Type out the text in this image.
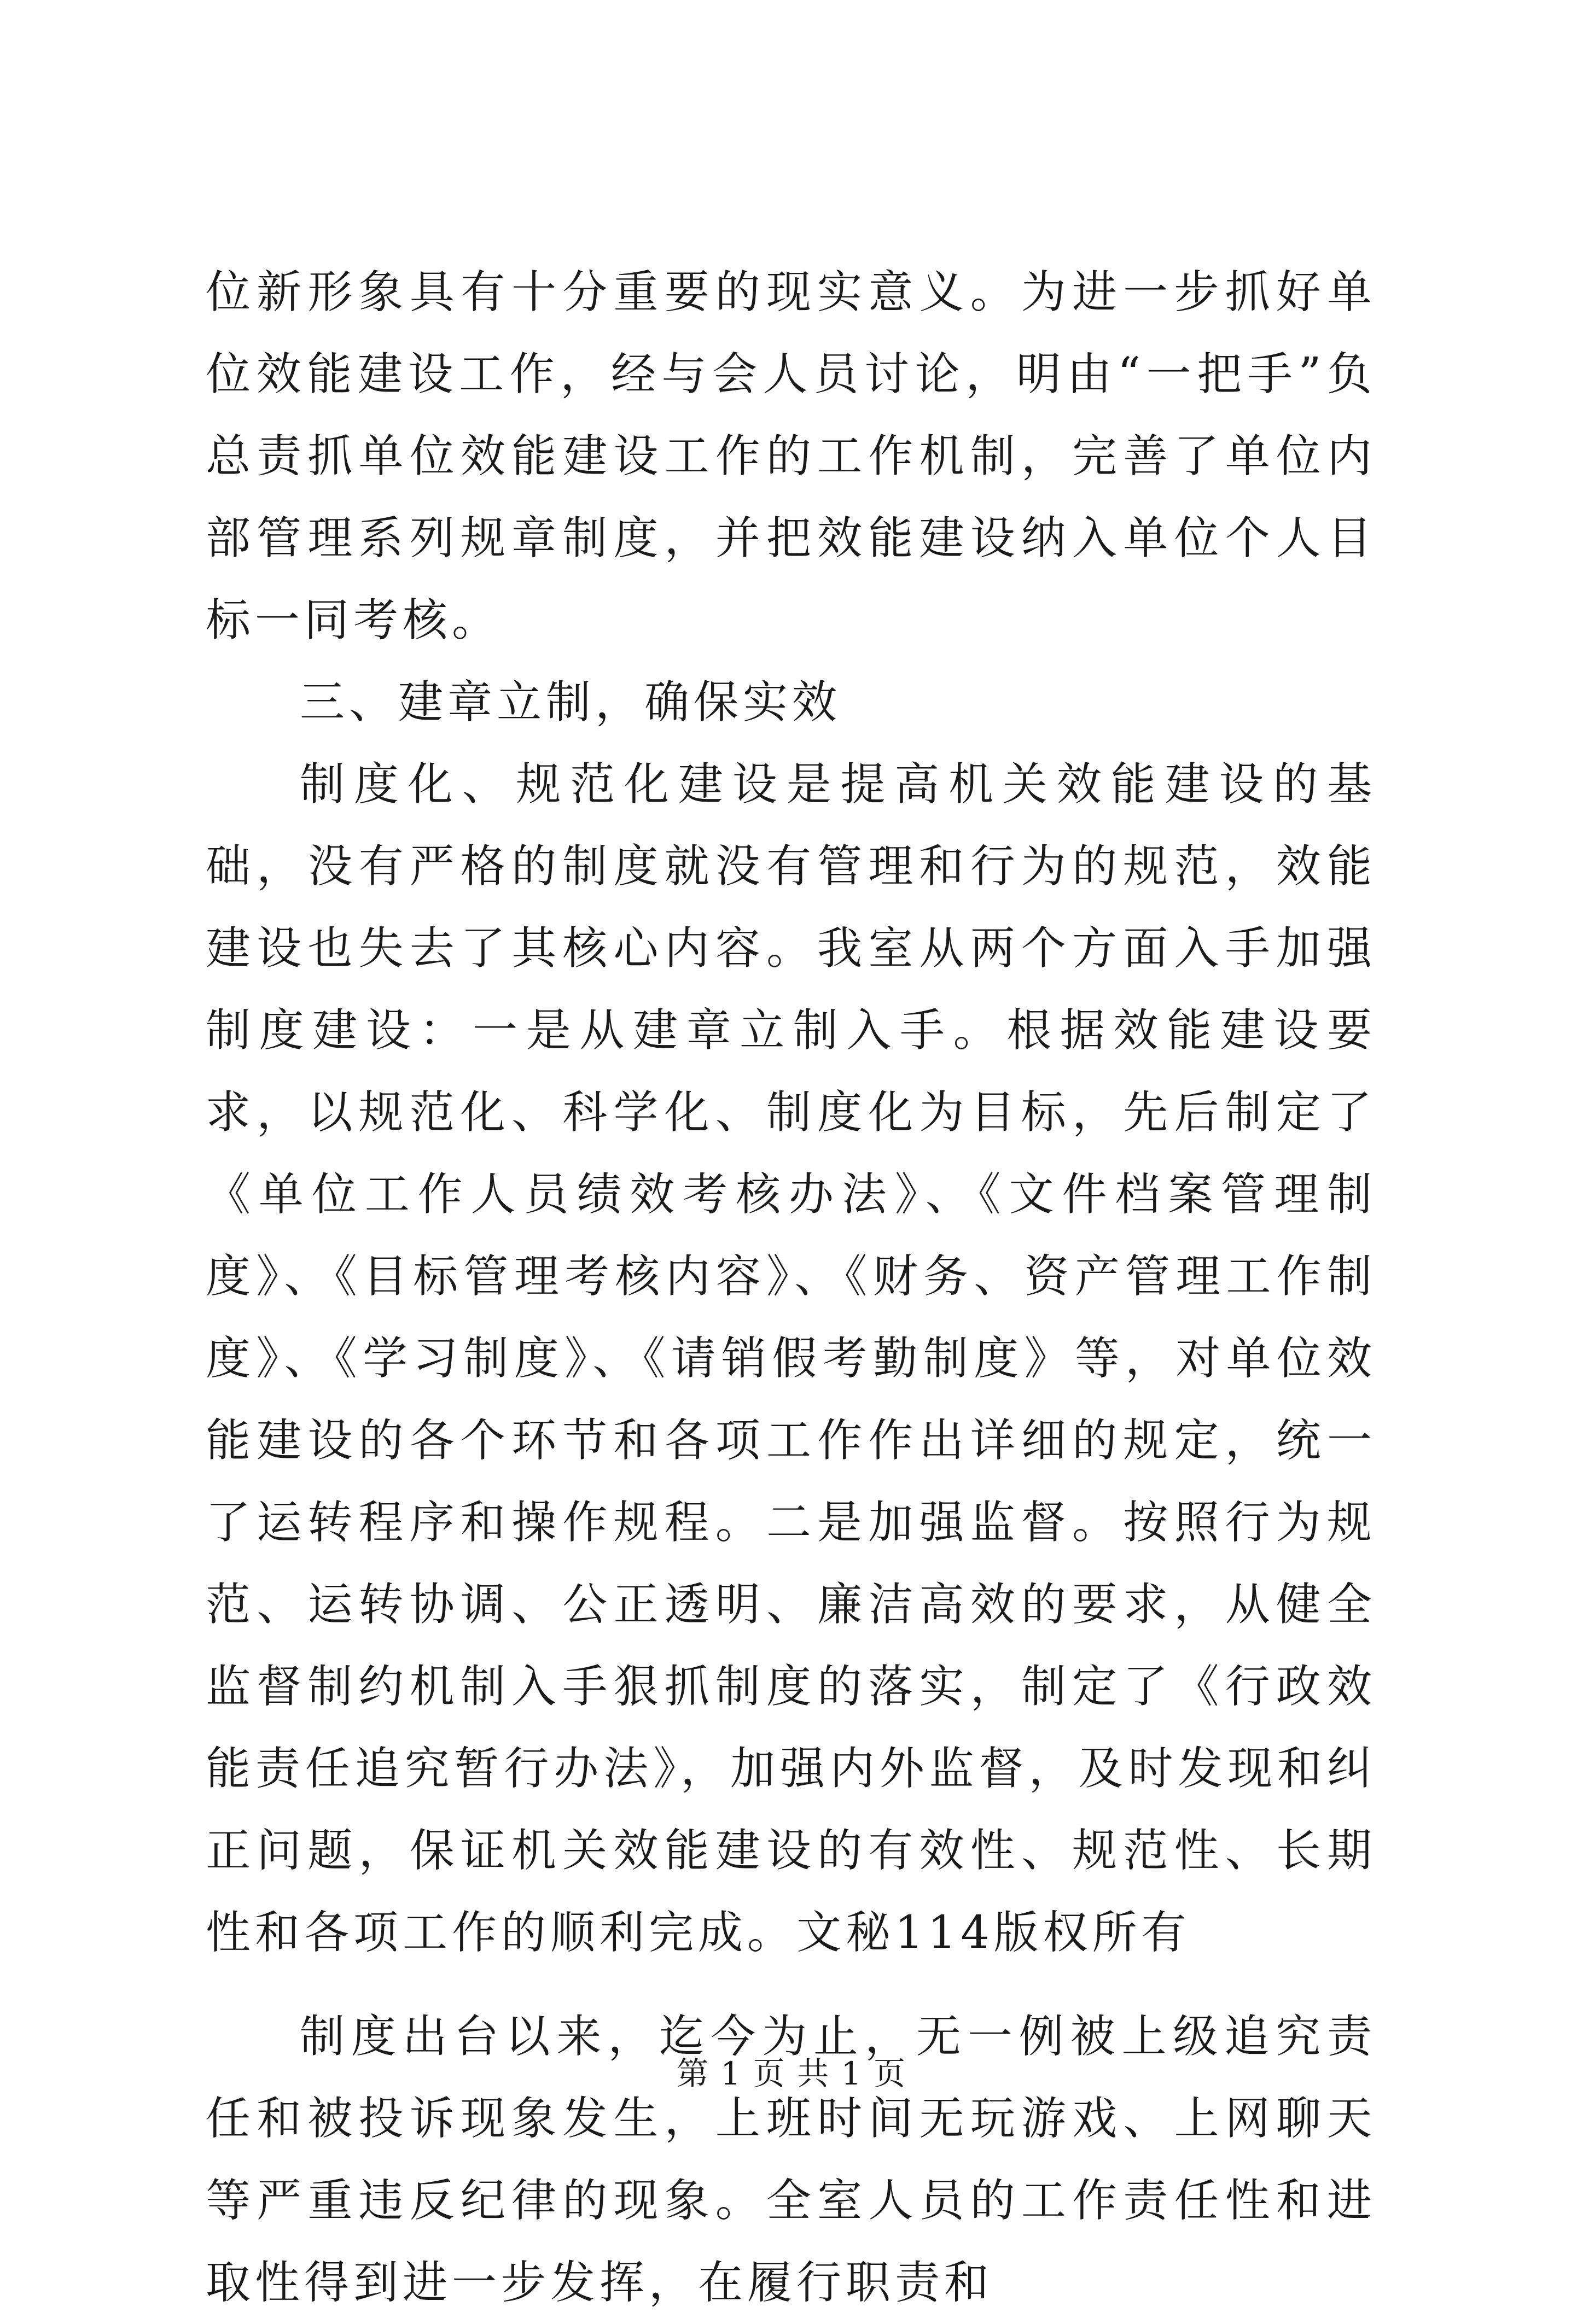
位新形象具有十分重要的现实意义。为进一步抓好单位效能建设工作，经与会人员讨论，明由“一把手”负总责抓单位效能建设工作的工作机制，完善了单位内部管理系列规章制度，并把效能建设纳入单位个人目标一同考核。

三、建章立制，确保实效

制度化、规范化建设是提高机关效能建设的基础，没有严格的制度就没有管理和行为的规范，效能建设也失去了其核心内容。我室从两个方面入手加强制度建设：一是从建章立制入手。根据效能建设要求，以规范化、科学化、制度化为目标，先后制定了《单位工作人员绩效考核办法》、《文件档案管理制度》、《目标管理考核内容》、《财务、资产管理工作制度》、《学习制度》、《请销假考勤制度》等，对单位效能建设的各个环节和各项工作作出详细的规定，统一了运转程序和操作规程。二是加强监督。按照行为规范、运转协调、公正透明、廉洁高效的要求，从健全监督制约机制入手狠抓制度的落实，制定了《行政效能责任追究暂行办法》，加强内外监督，及时发现和纠正问题，保证机关效能建设的有效性、规范性、长期性和各项工作的顺利完成。文秘114版权所有

制度出台以来，迄今为止，无一例被上级追究责任和被投诉现象发生，上班时间无玩游戏、上网聊天等严重违反纪律的现象。全室人员的工作责任性和进取性得到进一步发挥，在履行职责和

第 1 页 共 1 页
